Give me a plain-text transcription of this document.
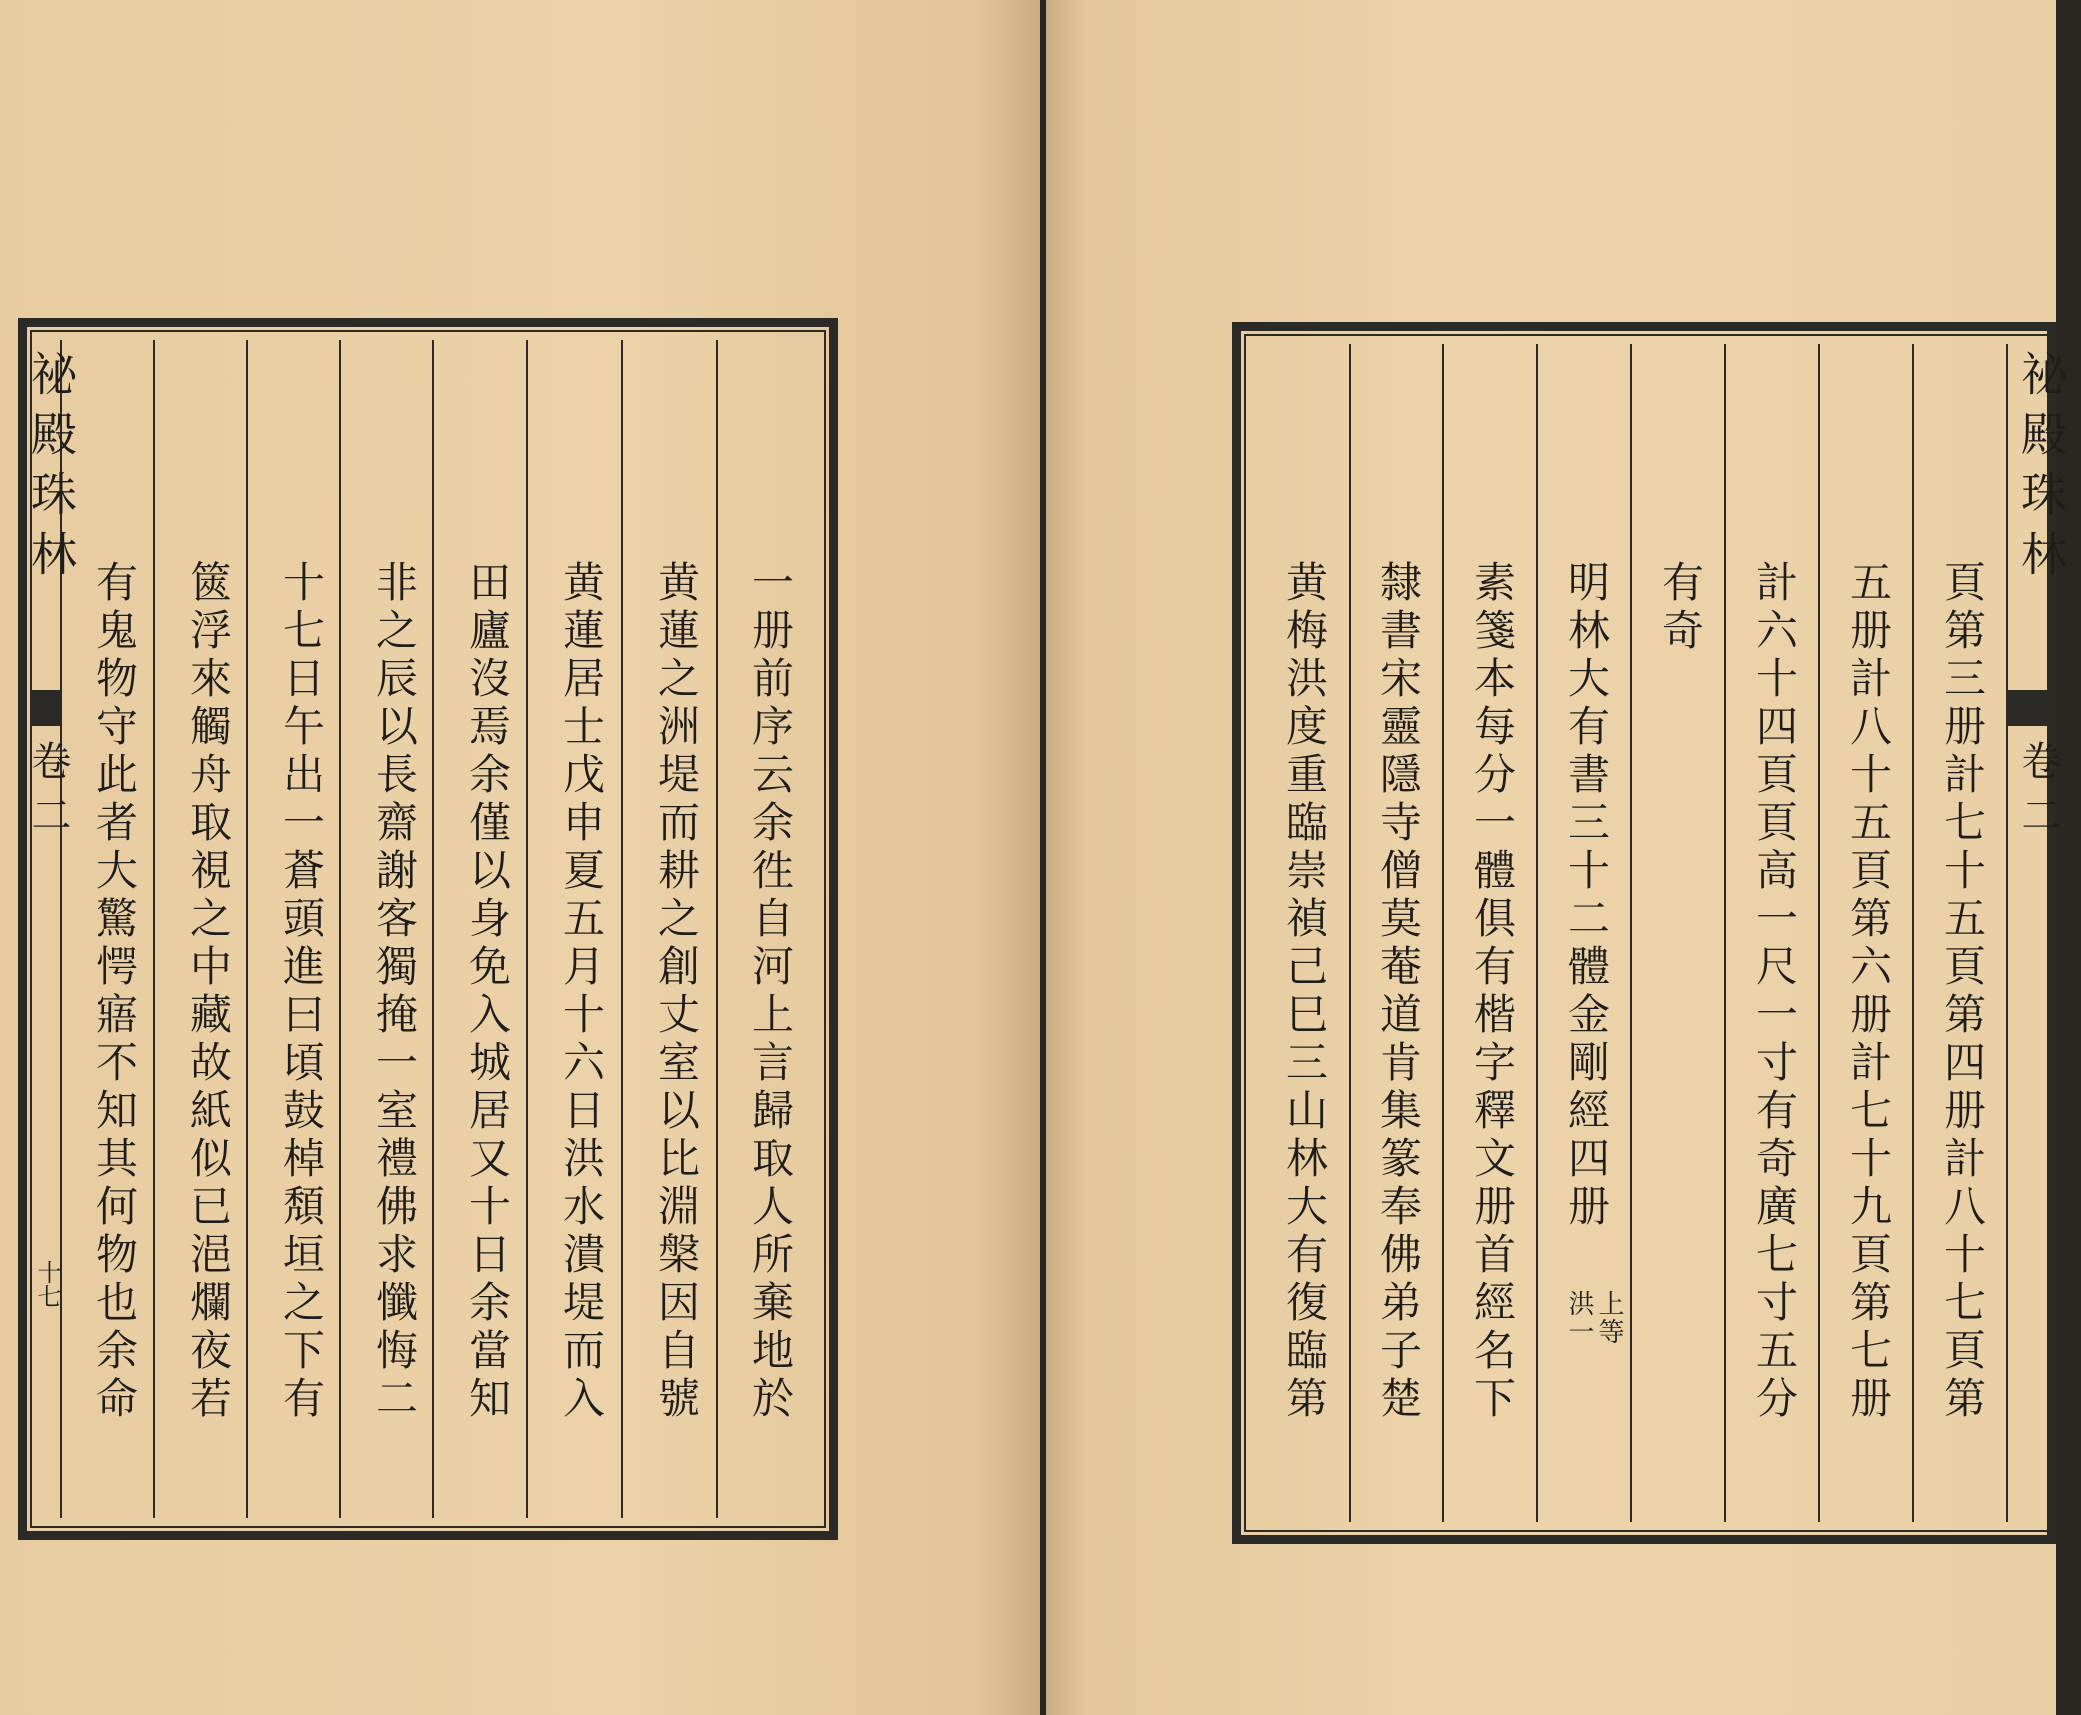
祕殿珠林
卷二
十七	一册前序云余徃自河上言歸取人所棄地於
黄蓮之洲堤而耕之創丈室以比淵槃因自號
黄蓮居士戊申夏五月十六日洪水潰堤而入
田廬沒焉余僅以身免入城居又十日余當知
非之辰以長齋謝客獨掩一室禮佛求懺悔二
十七日午出一蒼頭進曰頃鼓棹頽垣之下有
篋浮來觸舟取視之中藏故紙似已浥爛夜若
有鬼物守此者大驚愕寤不知其何物也余命
祕殿珠林
卷二
頁第三册計七十五頁第四册計八十七頁第
五册計八十五頁第六册計七十九頁第七册
計六十四頁頁高一尺一寸有奇廣七寸五分
有奇
明林大有書三十二體金剛經四册
上等
洪一
素箋本每分一體俱有楷字釋文册首經名下
隸書宋靈隱寺僧莫菴道肯集篆奉佛弟子楚
黄梅洪度重臨崇禎己巳三山林大有復臨第
